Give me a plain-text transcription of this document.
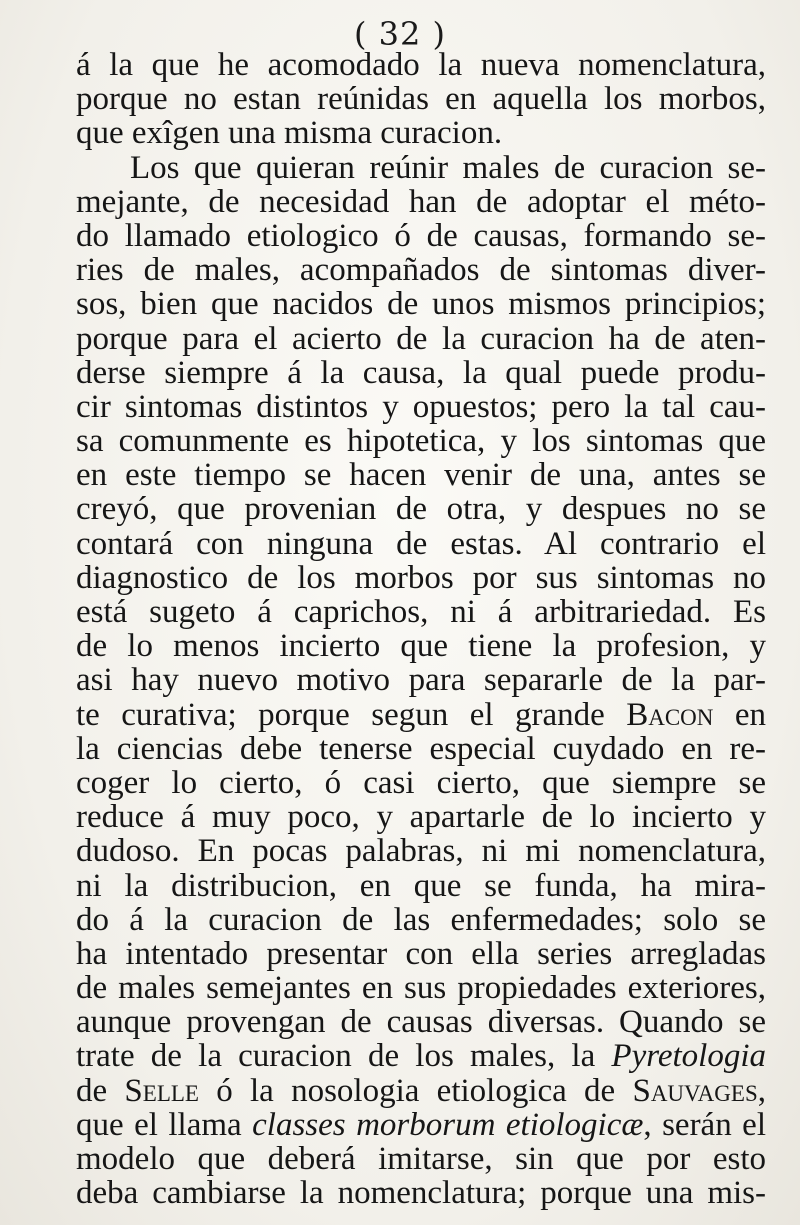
( 32 )
á la que he acomodado la nueva nomenclatura,
porque no estan reúnidas en aquella los morbos,
que exîgen una misma curacion.
Los que quieran reúnir males de curacion se-
mejante, de necesidad han de adoptar el méto-
do llamado etiologico ó de causas, formando se-
ries de males, acompañados de sintomas diver-
sos, bien que nacidos de unos mismos principios;
porque para el acierto de la curacion ha de aten-
derse siempre á la causa, la qual puede produ-
cir sintomas distintos y opuestos; pero la tal cau-
sa comunmente es hipotetica, y los sintomas que
en este tiempo se hacen venir de una, antes se
creyó, que provenian de otra, y despues no se
contará con ninguna de estas. Al contrario el
diagnostico de los morbos por sus sintomas no
está sugeto á caprichos, ni á arbitrariedad. Es
de lo menos incierto que tiene la profesion, y
asi hay nuevo motivo para separarle de la par-
te curativa; porque segun el grande Bacon en
la ciencias debe tenerse especial cuydado en re-
coger lo cierto, ó casi cierto, que siempre se
reduce á muy poco, y apartarle de lo incierto y
dudoso. En pocas palabras, ni mi nomenclatura,
ni la distribucion, en que se funda, ha mira-
do á la curacion de las enfermedades; solo se
ha intentado presentar con ella series arregladas
de males semejantes en sus propiedades exteriores,
aunque provengan de causas diversas. Quando se
trate de la curacion de los males, la Pyretologia
de Selle ó la nosologia etiologica de Sauvages,
que el llama classes morborum etiologicæ, serán el
modelo que deberá imitarse, sin que por esto
deba cambiarse la nomenclatura; porque una mis-
